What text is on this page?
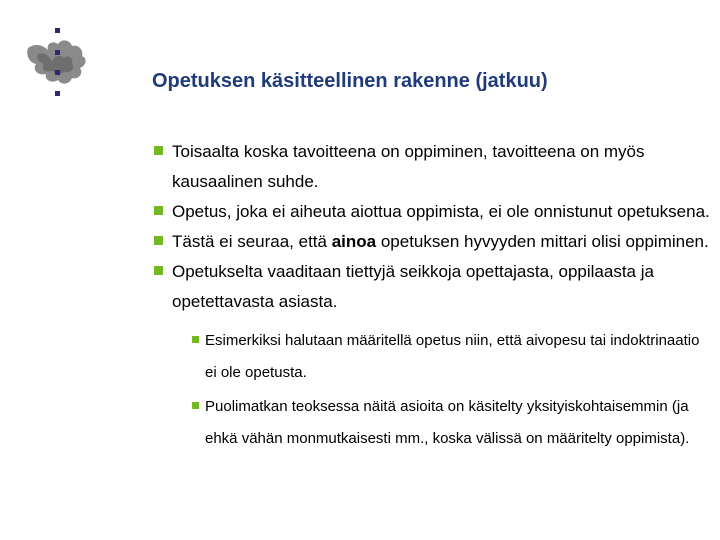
Opetuksen käsitteellinen rakenne (jatkuu)
Toisaalta koska tavoitteena on oppiminen, tavoitteena on myös kausaalinen suhde.
Opetus, joka ei aiheuta aiottua oppimista, ei ole onnistunut opetuksena.
Tästä ei seuraa, että ainoa opetuksen hyvyyden mittari olisi oppiminen.
Opetukselta vaaditaan tiettyjä seikkoja opettajasta, oppilaasta ja opetettavasta asiasta.
Esimerkiksi halutaan määritellä opetus niin, että aivopesu tai indoktrinaatio ei ole opetusta.
Puolimatkan teoksessa näitä asioita on käsitelty yksityiskohtaisemmin (ja ehkä vähän monmutkaisesti mm., koska välissä on määritelty oppimista).
